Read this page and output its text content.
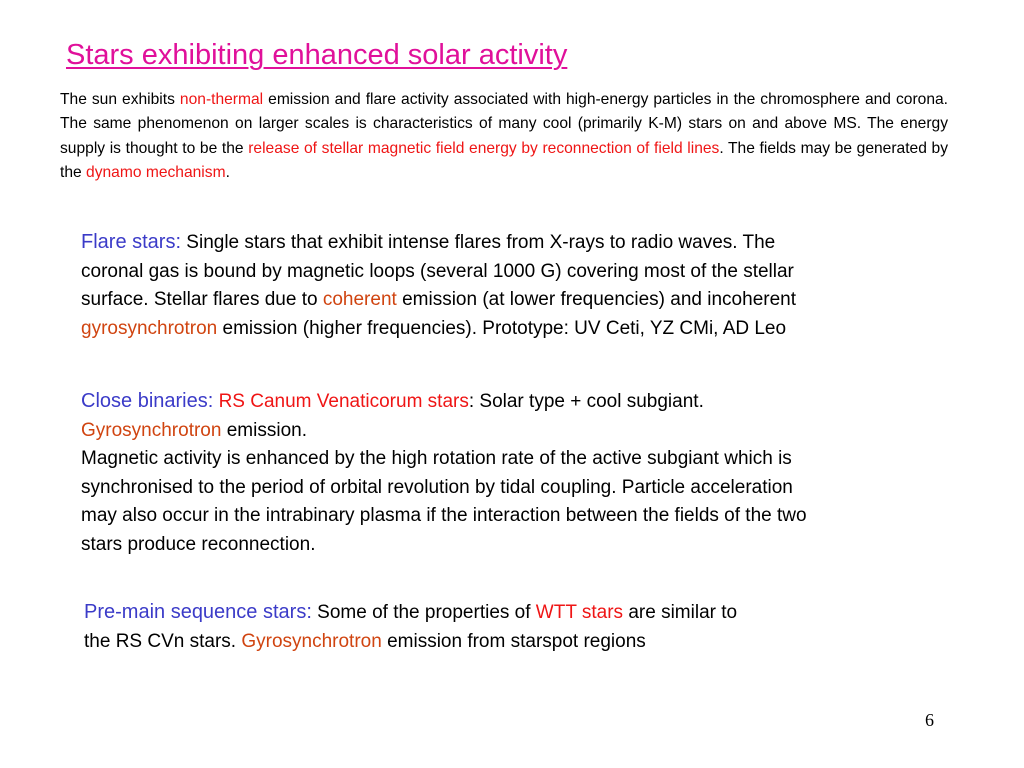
Stars exhibiting enhanced solar activity

The sun exhibits non-thermal emission and flare activity associated with high-energy particles in the chromosphere and corona. The same phenomenon on larger scales is characteristics of many cool (primarily K-M) stars on and above MS. The energy supply is thought to be the release of stellar magnetic field energy by reconnection of field lines. The fields may be generated by the dynamo mechanism.

Flare stars: Single stars that exhibit intense flares from X-rays to radio waves. The
coronal gas is bound by magnetic loops (several 1000 G) covering most of the stellar
surface. Stellar flares due to coherent emission (at lower frequencies) and incoherent
gyrosynchrotron emission (higher frequencies). Prototype: UV Ceti, YZ CMi, AD Leo
Close binaries: RS Canum Venaticorum stars: Solar type + cool subgiant.
Gyrosynchrotron emission.
Magnetic activity is enhanced by the high rotation rate of the active subgiant which is
synchronised to the period of orbital revolution by tidal coupling. Particle acceleration
may also occur in the intrabinary plasma if the interaction between the fields of the two
stars produce reconnection.
Pre-main sequence stars: Some of the properties of WTT stars are similar to
the RS CVn stars. Gyrosynchrotron emission from starspot regions
6
